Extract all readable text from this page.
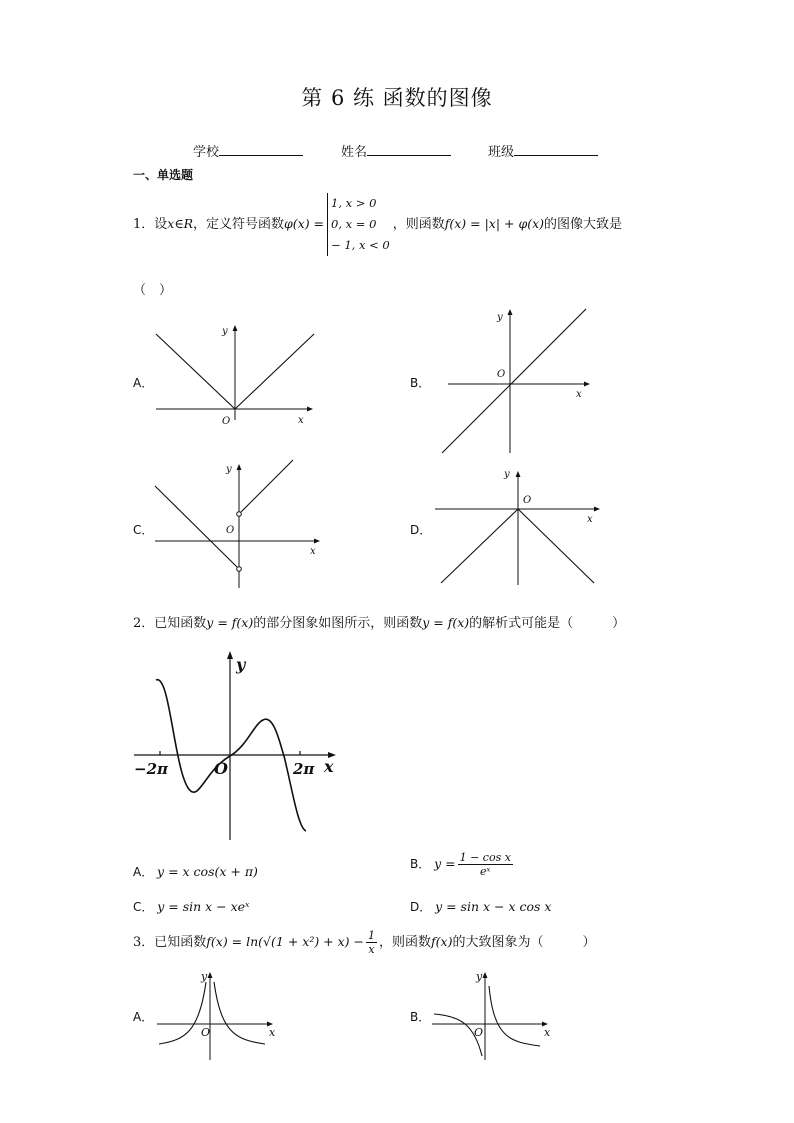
第 6 练 函数的图像
学校	姓名	班级
一、单选题
1．设x∈R，定义符号函数φ(x) =
1, x > 0
0, x = 0
− 1, x < 0
，则函数f(x) = |x| + φ(x)的图像大致是
（　）
A．	B．
C．	D．
O	x
y
O
x
y
O
x
y
O
x
y
2．已知函数y = f(x)的部分图象如图所示，则函数y = f(x)的解析式可能是（　　　）
y
x
O
−2π	2π
A． y = x cos(x + π)	B． $y = \frac{\text{1 − cos x}}{\text{eˣ}}$
C． y = sin x − xeˣ	D． y = sin x − x cos x
3．已知函数$f(x) = \ln(√(1 + x^2) + x) - \frac{1}{x}$ ，则函数f(x)的大致图象为（　　　）
A．	B．
O	x
y
O	x
y
